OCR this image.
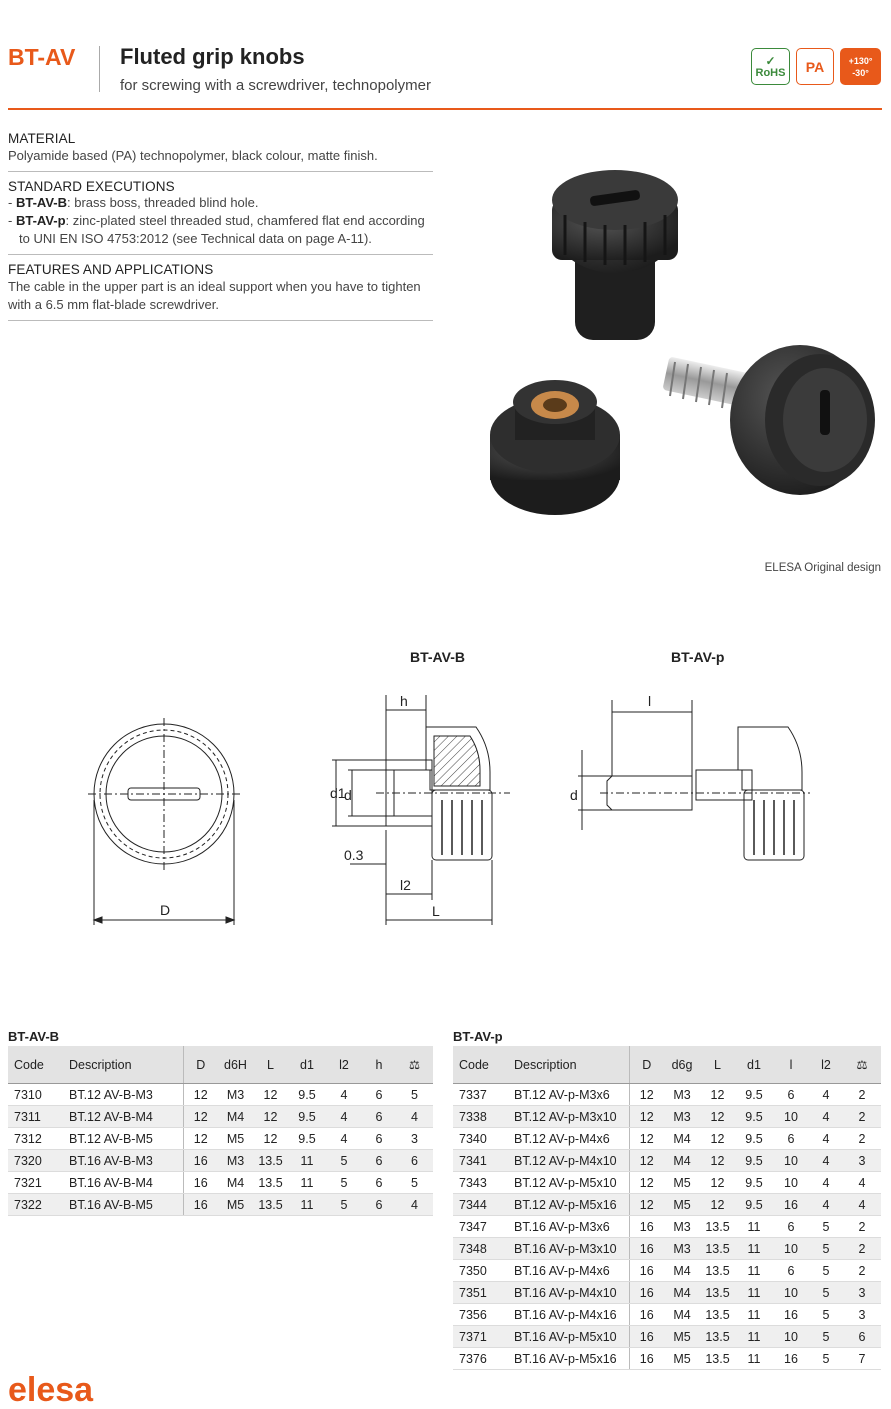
BT-AV Fluted grip knobs
for screwing with a screwdriver, technopolymer
✓
RoHS	PA	+130°
-30°
MATERIAL

Polyamide based (PA) technopolymer, black colour, matte finish.

STANDARD EXECUTIONS
- BT-AV-B: brass boss, threaded blind hole.
- BT-AV-p: zinc-plated steel threaded stud, chamfered flat end according to UNI EN ISO 4753:2012 (see Technical data on page A-11).
FEATURES AND APPLICATIONS

The cable in the upper part is an ideal support when you have to tighten with a 6.5 mm flat-blade screwdriver.

ELESA Original design
BT-AV-B	BT-AV-p
D
h
d1
d
0.3
l2
L
l
d
BT-AV-B
Code	Description	D	d6H	L	d1	l2	h	⚖
7310	BT.12 AV-B-M3	12	M3	12	9.5	4	6	5
7311	BT.12 AV-B-M4	12	M4	12	9.5	4	6	4
7312	BT.12 AV-B-M5	12	M5	12	9.5	4	6	3
7320	BT.16 AV-B-M3	16	M3	13.5	11	5	6	6
7321	BT.16 AV-B-M4	16	M4	13.5	11	5	6	5
7322	BT.16 AV-B-M5	16	M5	13.5	11	5	6	4
BT-AV-p
Code	Description	D	d6g	L	d1	l	l2	⚖
7337	BT.12 AV-p-M3x6	12	M3	12	9.5	6	4	2
7338	BT.12 AV-p-M3x10	12	M3	12	9.5	10	4	2
7340	BT.12 AV-p-M4x6	12	M4	12	9.5	6	4	2
7341	BT.12 AV-p-M4x10	12	M4	12	9.5	10	4	3
7343	BT.12 AV-p-M5x10	12	M5	12	9.5	10	4	4
7344	BT.12 AV-p-M5x16	12	M5	12	9.5	16	4	4
7347	BT.16 AV-p-M3x6	16	M3	13.5	11	6	5	2
7348	BT.16 AV-p-M3x10	16	M3	13.5	11	10	5	2
7350	BT.16 AV-p-M4x6	16	M4	13.5	11	6	5	2
7351	BT.16 AV-p-M4x10	16	M4	13.5	11	10	5	3
7356	BT.16 AV-p-M4x16	16	M4	13.5	11	16	5	3
7371	BT.16 AV-p-M5x10	16	M5	13.5	11	10	5	6
7376	BT.16 AV-p-M5x16	16	M5	13.5	11	16	5	7
elesa
